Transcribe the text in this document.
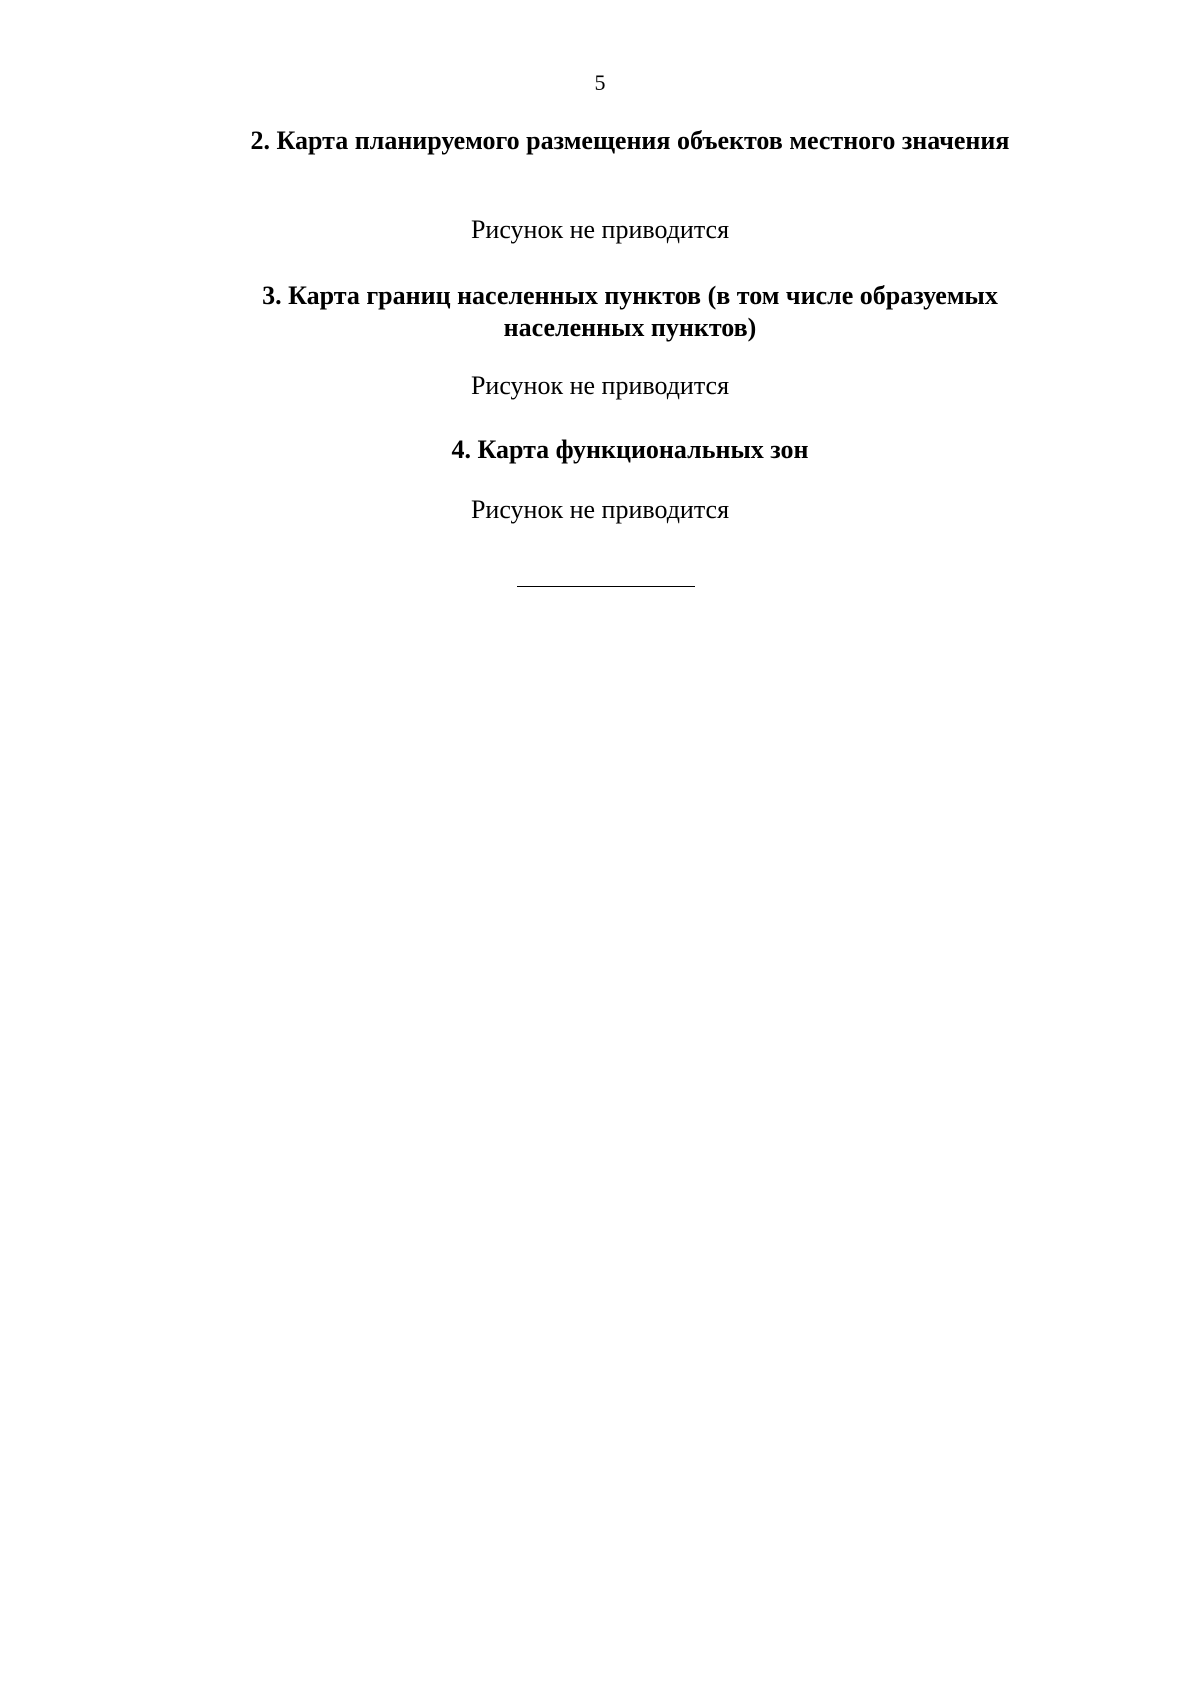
5
2. Карта планируемого размещения объектов местного значения
Рисунок не приводится
3. Карта границ населенных пунктов (в том числе образуемых населенных пунктов)
Рисунок не приводится
4. Карта функциональных зон
Рисунок не приводится
